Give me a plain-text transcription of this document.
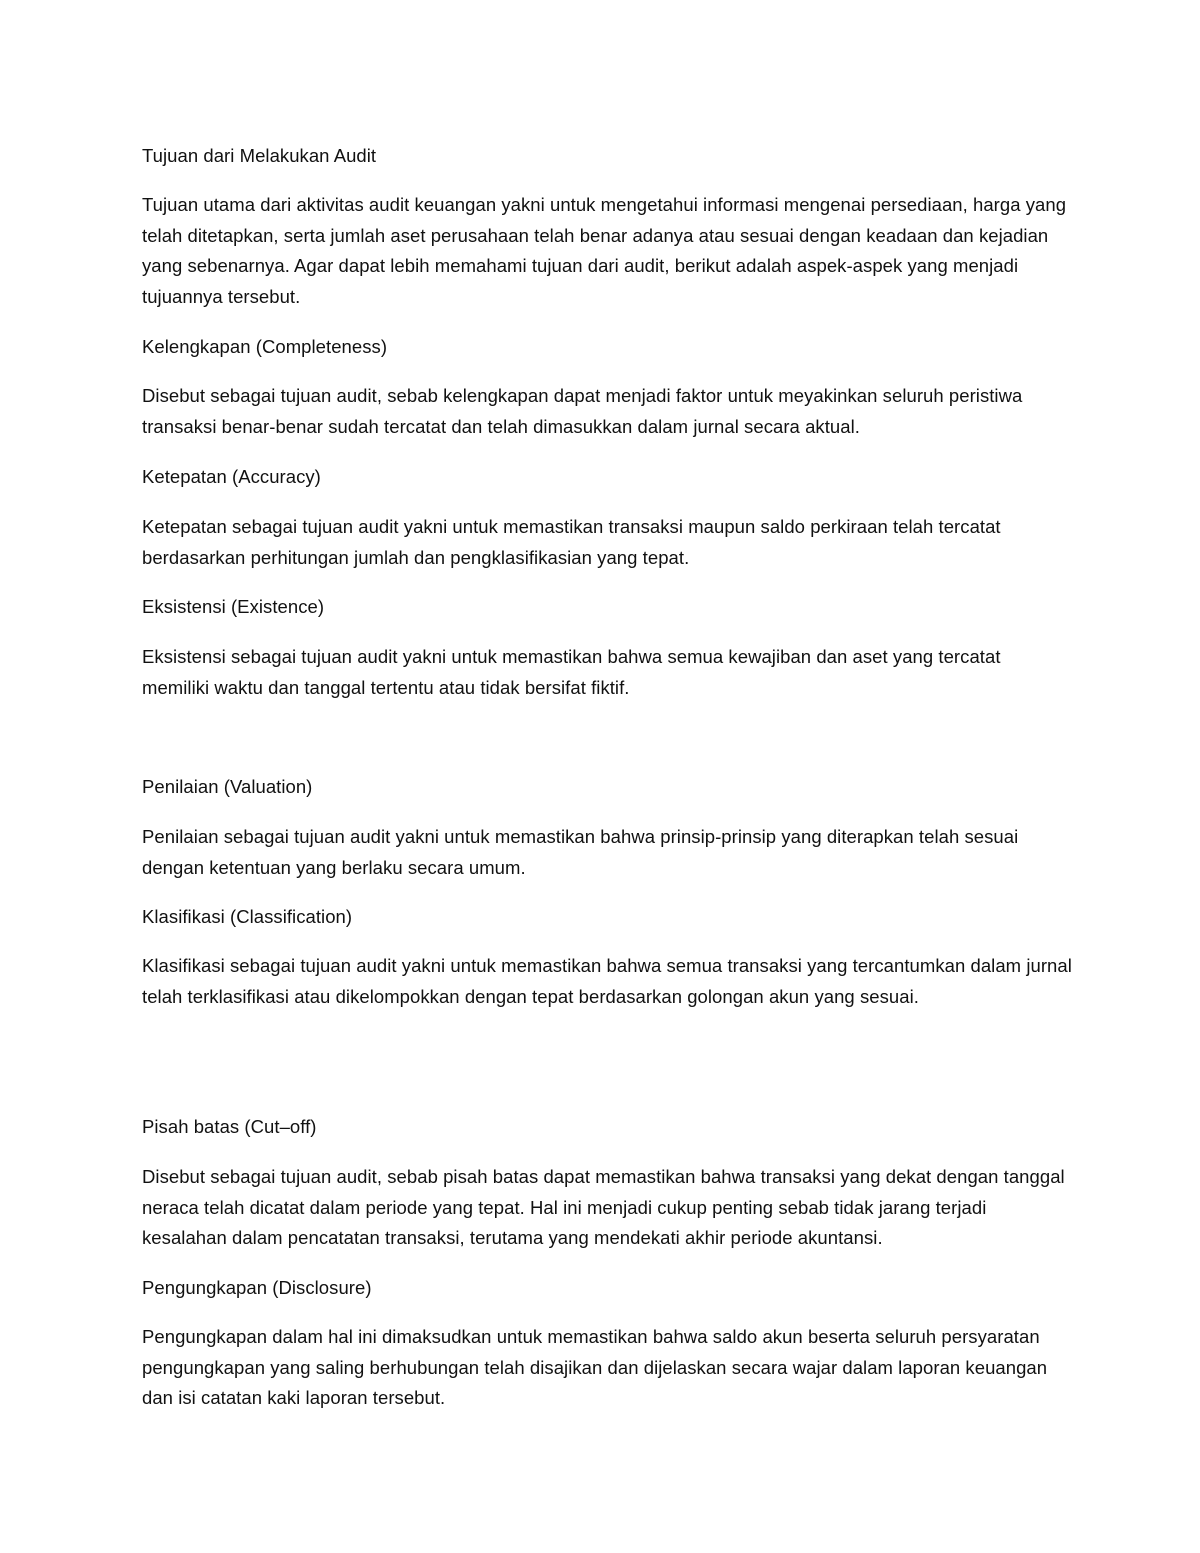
Tujuan dari Melakukan Audit

Tujuan utama dari aktivitas audit keuangan yakni untuk mengetahui informasi mengenai persediaan, harga yang telah ditetapkan, serta jumlah aset perusahaan telah benar adanya atau sesuai dengan keadaan dan kejadian yang sebenarnya. Agar dapat lebih memahami tujuan dari audit, berikut adalah aspek-aspek yang menjadi tujuannya tersebut.

Kelengkapan (Completeness)

Disebut sebagai tujuan audit, sebab kelengkapan dapat menjadi faktor untuk meyakinkan seluruh peristiwa transaksi benar-benar sudah tercatat dan telah dimasukkan dalam jurnal secara aktual.

Ketepatan (Accuracy)

Ketepatan sebagai tujuan audit yakni untuk memastikan transaksi maupun saldo perkiraan telah tercatat berdasarkan perhitungan jumlah dan pengklasifikasian yang tepat.

Eksistensi (Existence)

Eksistensi sebagai tujuan audit yakni untuk memastikan bahwa semua kewajiban dan aset yang tercatat memiliki waktu dan tanggal tertentu atau tidak bersifat fiktif.

Penilaian (Valuation)

Penilaian sebagai tujuan audit yakni untuk memastikan bahwa prinsip-prinsip yang diterapkan telah sesuai dengan ketentuan yang berlaku secara umum.

Klasifikasi (Classification)

Klasifikasi sebagai tujuan audit yakni untuk memastikan bahwa semua transaksi yang tercantumkan dalam jurnal telah terklasifikasi atau dikelompokkan dengan tepat berdasarkan golongan akun yang sesuai.

Pisah batas (Cut–off)

Disebut sebagai tujuan audit, sebab pisah batas dapat memastikan bahwa transaksi yang dekat dengan tanggal neraca telah dicatat dalam periode yang tepat. Hal ini menjadi cukup penting sebab tidak jarang terjadi kesalahan dalam pencatatan transaksi, terutama yang mendekati akhir periode akuntansi.

Pengungkapan (Disclosure)

Pengungkapan dalam hal ini dimaksudkan untuk memastikan bahwa saldo akun beserta seluruh persyaratan pengungkapan yang saling berhubungan telah disajikan dan dijelaskan secara wajar dalam laporan keuangan dan isi catatan kaki laporan tersebut.
